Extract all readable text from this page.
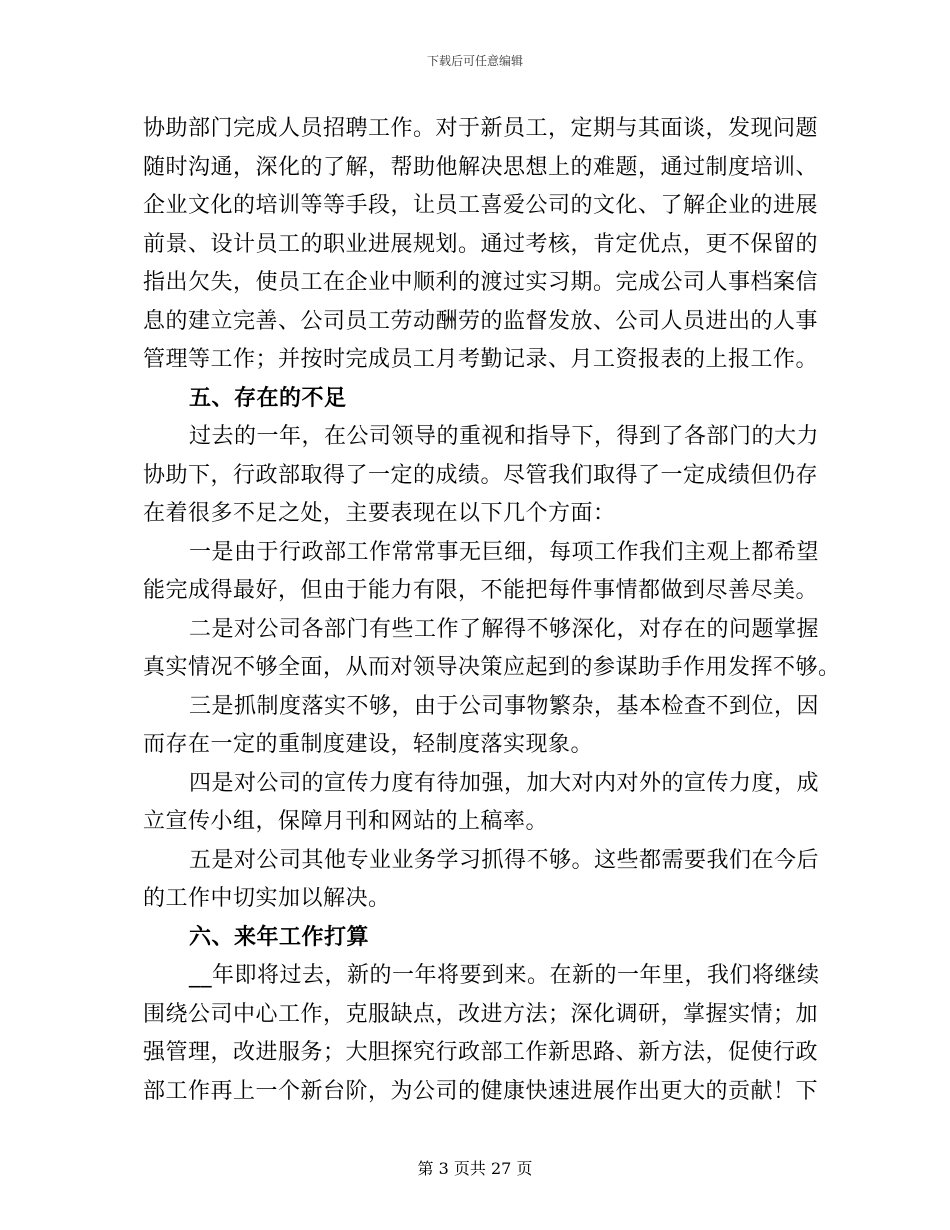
下载后可任意编辑
协助部门完成人员招聘工作。对于新员工，定期与其面谈，发现问题
随时沟通，深化的了解，帮助他解决思想上的难题，通过制度培训、
企业文化的培训等等手段，让员工喜爱公司的文化、了解企业的进展
前景、设计员工的职业进展规划。通过考核，肯定优点，更不保留的
指出欠失，使员工在企业中顺利的渡过实习期。完成公司人事档案信
息的建立完善、公司员工劳动酬劳的监督发放、公司人员进出的人事
管理等工作；并按时完成员工月考勤记录、月工资报表的上报工作。
五、存在的不足
过去的一年，在公司领导的重视和指导下，得到了各部门的大力
协助下，行政部取得了一定的成绩。尽管我们取得了一定成绩但仍存
在着很多不足之处，主要表现在以下几个方面：
一是由于行政部工作常常事无巨细，每项工作我们主观上都希望
能完成得最好，但由于能力有限，不能把每件事情都做到尽善尽美。
二是对公司各部门有些工作了解得不够深化，对存在的问题掌握
真实情况不够全面，从而对领导决策应起到的参谋助手作用发挥不够。
三是抓制度落实不够，由于公司事物繁杂，基本检查不到位，因
而存在一定的重制度建设，轻制度落实现象。
四是对公司的宣传力度有待加强，加大对内对外的宣传力度，成
立宣传小组，保障月刊和网站的上稿率。
五是对公司其他专业业务学习抓得不够。这些都需要我们在今后
的工作中切实加以解决。
六、来年工作打算
__年即将过去，新的一年将要到来。在新的一年里，我们将继续
围绕公司中心工作，克服缺点，改进方法；深化调研，掌握实情；加
强管理，改进服务；大胆探究行政部工作新思路、新方法，促使行政
部工作再上一个新台阶，为公司的健康快速进展作出更大的贡献！下
第 3 页共 27 页
